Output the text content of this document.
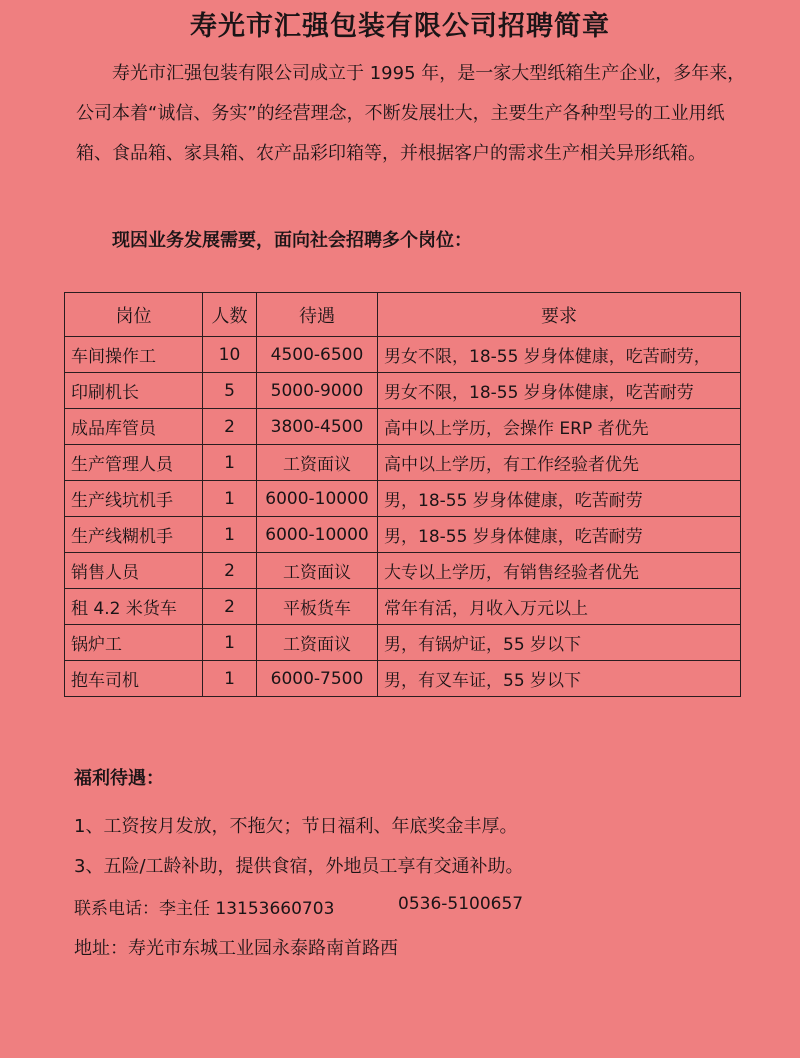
寿光市汇强包装有限公司招聘简章
寿光市汇强包装有限公司成立于 1995 年，是一家大型纸箱生产企业，多年来，公司本着“诚信、务实”的经营理念，不断发展壮大，主要生产各种型号的工业用纸箱、食品箱、家具箱、农产品彩印箱等，并根据客户的需求生产相关异形纸箱。
现因业务发展需要，面向社会招聘多个岗位：
岗位	人数	待遇	要求
车间操作工	10	4500-6500	男女不限，18-55 岁身体健康，吃苦耐劳，
印刷机长	5	5000-9000	男女不限，18-55 岁身体健康，吃苦耐劳
成品库管员	2	3800-4500	高中以上学历，会操作 ERP 者优先
生产管理人员	1	工资面议	高中以上学历，有工作经验者优先
生产线坑机手	1	6000-10000	男，18-55 岁身体健康，吃苦耐劳
生产线糊机手	1	6000-10000	男，18-55 岁身体健康，吃苦耐劳
销售人员	2	工资面议	大专以上学历，有销售经验者优先
租 4.2 米货车	2	平板货车	常年有活，月收入万元以上
锅炉工	1	工资面议	男，有锅炉证，55 岁以下
抱车司机	1	6000-7500	男，有叉车证，55 岁以下
福利待遇：
1、工资按月发放，不拖欠；节日福利、年底奖金丰厚。
3、五险/工龄补助，提供食宿，外地员工享有交通补助。
联系电话：李主任 13153660703	0536-5100657
地址：寿光市东城工业园永泰路南首路西
